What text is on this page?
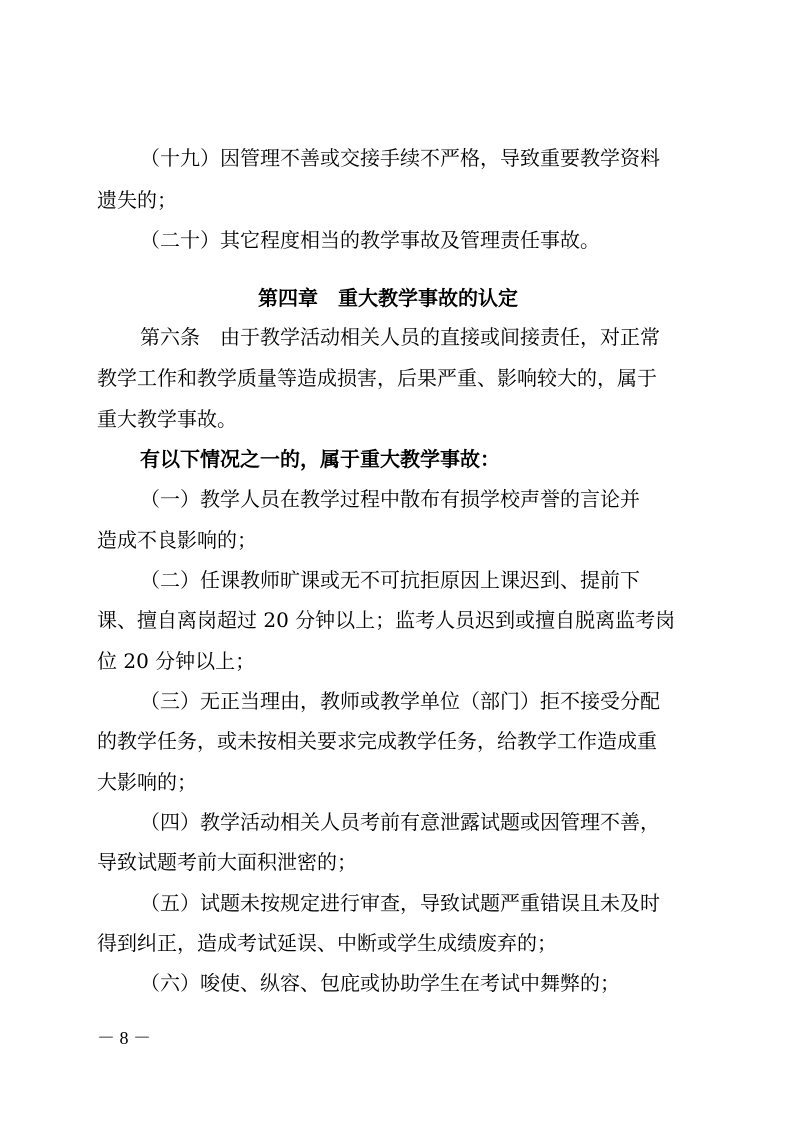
（十九）因管理不善或交接手续不严格，导致重要教学资料
遗失的；
（二十）其它程度相当的教学事故及管理责任事故。
第四章　重大教学事故的认定
第六条　由于教学活动相关人员的直接或间接责任，对正常
教学工作和教学质量等造成损害，后果严重、影响较大的，属于
重大教学事故。
有以下情况之一的，属于重大教学事故：
（一）教学人员在教学过程中散布有损学校声誉的言论并
造成不良影响的；
（二）任课教师旷课或无不可抗拒原因上课迟到、提前下
课、擅自离岗超过 20 分钟以上；监考人员迟到或擅自脱离监考岗
位 20 分钟以上；
（三）无正当理由，教师或教学单位（部门）拒不接受分配
的教学任务，或未按相关要求完成教学任务，给教学工作造成重
大影响的；
（四）教学活动相关人员考前有意泄露试题或因管理不善，
导致试题考前大面积泄密的；
（五）试题未按规定进行审查，导致试题严重错误且未及时
得到纠正，造成考试延误、中断或学生成绩废弃的；
（六）唆使、纵容、包庇或协助学生在考试中舞弊的；
－ 8 －
